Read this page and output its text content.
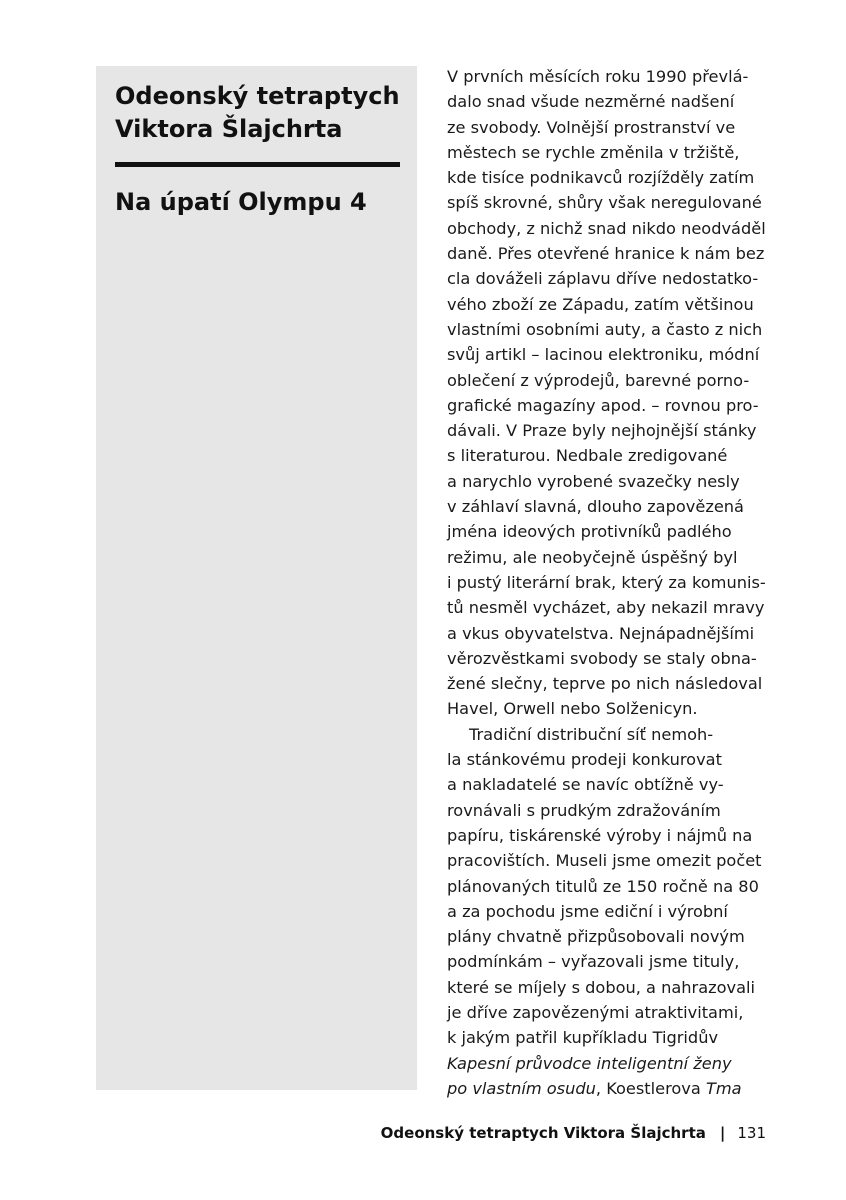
Odeonský tetraptych Viktora Šlajchrta
Na úpatí Olympu 4
V prvních měsících roku 1990 převlá-
dalo snad všude nezměrné nadšení
ze svobody. Volnější prostranství ve
městech se rychle změnila v tržiště,
kde tisíce podnikavců rozjížděly zatím
spíš skrovné, shůry však neregulované
obchody, z nichž snad nikdo neodváděl
daně. Přes otevřené hranice k nám bez
cla dováželi záplavu dříve nedostatko-
vého zboží ze Západu, zatím většinou
vlastními osobními auty, a často z nich
svůj artikl – lacinou elektroniku, módní
oblečení z výprodejů, barevné porno-
grafické magazíny apod. – rovnou pro-
dávali. V Praze byly nejhojnější stánky
s literaturou. Nedbale zredigované
a narychlo vyrobené svazečky nesly
v záhlaví slavná, dlouho zapovězená
jména ideových protivníků padlého
režimu, ale neobyčejně úspěšný byl
i pustý literární brak, který za komunis-
tů nesměl vycházet, aby nekazil mravy
a vkus obyvatelstva. Nejnápadnějšími
věrozvěstkami svobody se staly obna-
žené slečny, teprve po nich následoval
Havel, Orwell nebo Solženicyn.
Tradiční distribuční síť nemoh-
la stánkovému prodeji konkurovat
a nakladatelé se navíc obtížně vy-
rovnávali s prudkým zdražováním
papíru, tiskárenské výroby i nájmů na
pracovištích. Museli jsme omezit počet
plánovaných titulů ze 150 ročně na 80
a za pochodu jsme ediční i výrobní
plány chvatně přizpůsobovali novým
podmínkám – vyřazovali jsme tituly,
které se míjely s dobou, a nahrazovali
je dříve zapovězenými atraktivitami,
k jakým patřil kupříkladu Tigridův
Kapesní průvodce inteligentní ženy
po vlastním osudu, Koestlerova Tma
Odeonský tetraptych Viktora Šlajchrta | 131
